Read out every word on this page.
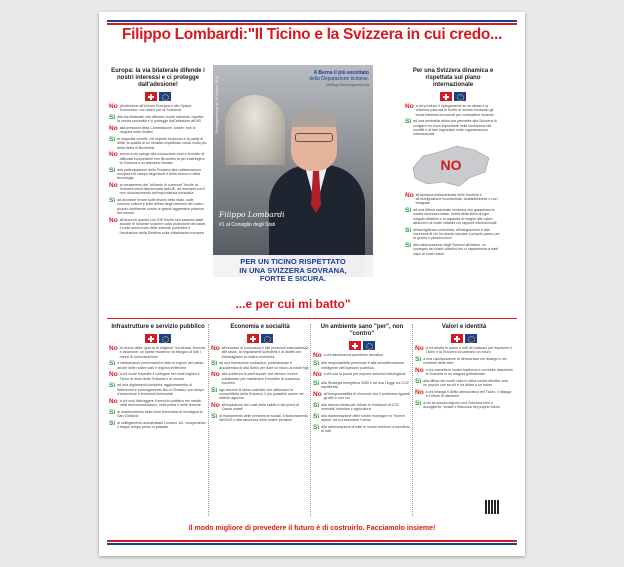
Filippo Lombardi:"Il Ticino e la Svizzera in cui credo...
Europa: la via bilaterale difende i nostri interessi e ci protegge dall'adesione!
No all'adesione all'Unione Europea e allo Spazio Economico: non fanno per la Svizzera!
Sì alla via bilaterale che difende i nostri interessi, rispetta la nostra sovranità e ci protegge dall'adesione all'UE!
No alla pressioni della Commissione Junker: non si negozia sotto ricatto!
Sì ai negoziati corretti, nel rispetto reciproco e di partiti di diritti: la qualità di un risultato equilibrato conta molto più della fretta di Bruxelles!
No anche a chi spinge alla costruzione muri e al motto di difficoltà economiche che Bruxelles fa per costringere la Svizzera a un'adesione forzata
Sì alla partecipazione della Svizzera alla collaborazione europea nel campo degli studi e della ricerca e della tecnologia
No al versamento del "miliardo di coesione" finché la Svizzera verrà discriminata dall'UE, ad esempio con il non riconoscimento dell'equivalenza borsistica
Sì ad ancorare levare sulle lesioni dello stato, sulle comune culture e sulle difese degli interessi del nostro piccolo continente contro le grandi aggressive potenze del mondo
No all'accordo quadro con l'UE finché non saranno state accolte le richieste svizzere sulla protezione dei salari, il ruolo autorizzato delle aziende pubbliche e l'esclusione della Direttiva sulla cittadinanza europea
Sonntagszeitung del 30 ottobre 2018
A Berna il più ascoltato
della Deputazione ticinese.
NeBag Sonntagszeitung
Filippo Lombardi
#1 al Consiglio degli Stati
PER UN TICINO RISPETTATO
IN UNA SVIZZERA SOVRANA,
FORTE E SICURA.
...e per cui mi batto"
Per una Svizzera dinamica e rispettata sul piano internazionale
No a chi produce il ripiegamento su se stessi e la chiusura paurosa di fronte al mondo rinviando gli briosi interessi di comodi per combattere insieme.
Sì ad una neutralità attiva che permette alla Svizzera di svolgere un ruolo importante nella risoluzione dei conflitti e di fare ingiustizie nelle organizzazioni internazionali
No all'apertura indiscriminata delle frontiere e all'immigrazione incontrollata, destabilizzante e non integrata
Sì ad una difesa nazionale moderna che garantisca la nostra sicurezza totale, tutela della sfera di ogni singolo cittadino e la capacità di reagire alle cyber-attacchi e ai nostri cittadini nei rapporti internazionali
Sì all'accoglienza controllata, all'integrazione e alla sicurezza di chi ha dovuto lasciare il proprio paese per le guerre o persecuzioni
Sì alla valorizzazione degli Svizzeri all'estero, un sostegno dei nostri cittadini che ci rappresenta a tratti capo ai nostri valori
NO
Infrastrutture e servizio pubblico
No al ritorno della "guerra di religione" tra strada, ferrovia e aviazione: un paese moderno ha bisogno di tutti i mezzi di comunicazione
Sì a infrastrutture performanti in tutte le regioni del paese, anche nelle nostre valli e regioni periferiche
No a chi vuole impedire il collegare nei modi migliori il Ticino al resto della Svizzera e al mondo
Sì ad una digitamenti completa, aggiornamento di Bellinzona e prolungamento fino a Chiasso, con tempo d'esclusione e terminali intermodali
No a chi vuol distruggere il servizio pubblico nei media, nelle telecomunicazioni, nella posta e nelle ferrovie
Sì al mantenimento della linea ferroviaria di montagna al San Gottardo
Sì al collegamento autostradale Locarno, A2, recuperando il troppo tempo perso in passato
Economia e socialità
No all'eccesso di burocrazia e alle pressioni internazionali: alle tasse, ai regolamenti sufficienti e ai divieti che imbavagliano la nostra economia
Sì ad una formazione scolastica, professionale e accademica di alta livello per dare un futuro ai nostri figli
No alla scelta tra le parti sociali: che devono invece collaborare per mantenere il modello di successo svizzero
Sì agli accordi di libero scambio che rafforzano la competitività della Svizzera, il più possibile anche nel settore agricolo
No all'esplosione dei costi della salute e dei premi di Cassa malati
Sì ai risanamento delle previdenze sociali, il finanziamento dell'AVS e alla sicurezza delle nostre pensioni
Un ambiente sano "per", non "contro"
No a chi banalizza la questione climatica
Sì alla responsabilità personale e alla sensibilizzazione intelligente dell'opinione pubblica
No a chi usa la paura per imporre soluzioni ideologiche
Sì alla Strategia energetica 2050 e ad una Legge sul CO2 equilibrata
No all'irresponsabilità di chi crede che il problema riguardi gli altri e non noi
Sì alla ricerca mirata per ridurre le emissioni di CO2 immobili, industrie e agricoltura
Sì alla trasformazione delle nostre montagne in "riserve alpine" da cui escludere l'uomo
Sì alla valorizzazione di tutte le nostre territorio a beneficio di tutti
Valori e identità
No a chi sfrutta le paure e miti del passato per impaurire il Ticino e la Svizzera al contrario un futuro
Sì a una valorizzazione la democrazia nel dialogo e nei confronti delle idee
No a chi cancella le nostre tradizioni e vorrebbe dissolvere la Svizzera in un magma globalizzato
Sì alla difesa dei nostri valori e della nostra identità: solo un popolo che sa chi è ha diritto a un futuro
No a chi infanga il diritto democratico nel Ticino, il dialogo e il rifiuto di discutere
Sì a chi sa ancora signore una Svizzera forte e accogliente, vivace e fiduciosa nel proprio futuro
Il modo migliore di prevedere il futuro è di costruirlo. Facciamolo insieme!
